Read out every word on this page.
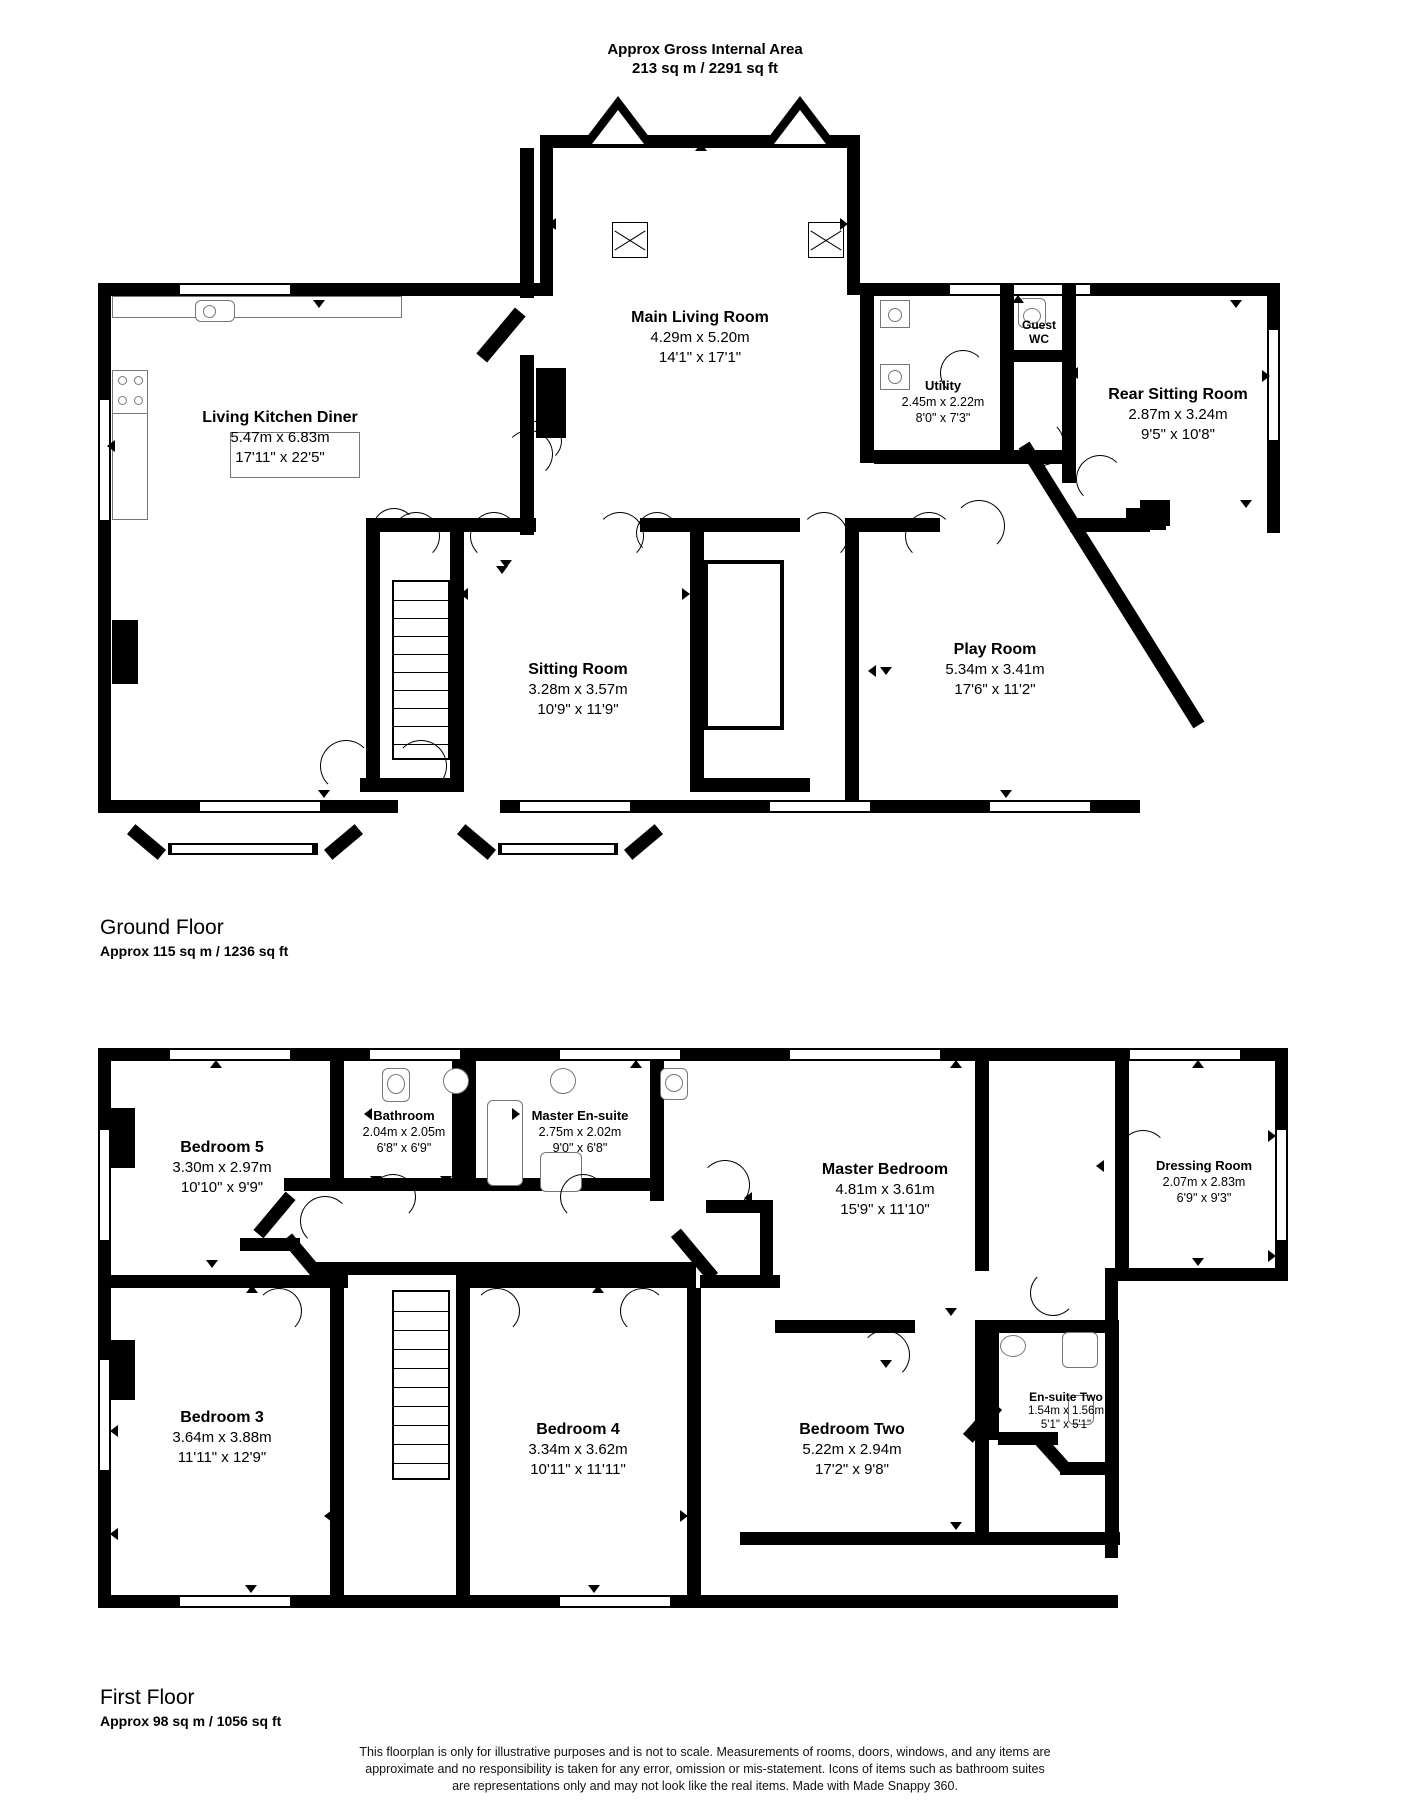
Approx Gross Internal Area
213 sq m / 2291 sq ft
Main Living Room
4.29m x 5.20m
14'1" x 17'1"
Living Kitchen Diner
5.47m x 6.83m
17'11" x 22'5"
Guest
WC
Utility
2.45m x 2.22m
8'0" x 7'3"
Rear Sitting Room
2.87m x 3.24m
9'5" x 10'8"
Sitting Room
3.28m x 3.57m
10'9" x 11'9"
Play Room
5.34m x 3.41m
17'6" x 11'2"
Ground Floor
Approx 115 sq m / 1236 sq ft
Bedroom 5
3.30m x 2.97m
10'10" x 9'9"
Bathroom
2.04m x 2.05m
6'8" x 6'9"
Master En-suite
2.75m x 2.02m
9'0" x 6'8"
Master Bedroom
4.81m x 3.61m
15'9" x 11'10"
Dressing Room
2.07m x 2.83m
6'9" x 9'3"
Bedroom 3
3.64m x 3.88m
11'11" x 12'9"
Bedroom 4
3.34m x 3.62m
10'11" x 11'11"
Bedroom Two
5.22m x 2.94m
17'2" x 9'8"
En-suite Two
1.54m x 1.56m
5'1" x 5'1"
First Floor
Approx 98 sq m / 1056 sq ft
This floorplan is only for illustrative purposes and is not to scale. Measurements of rooms, doors, windows, and any items are
approximate and no responsibility is taken for any error, omission or mis-statement. Icons of items such as bathroom suites
are representations only and may not look like the real items. Made with Made Snappy 360.
